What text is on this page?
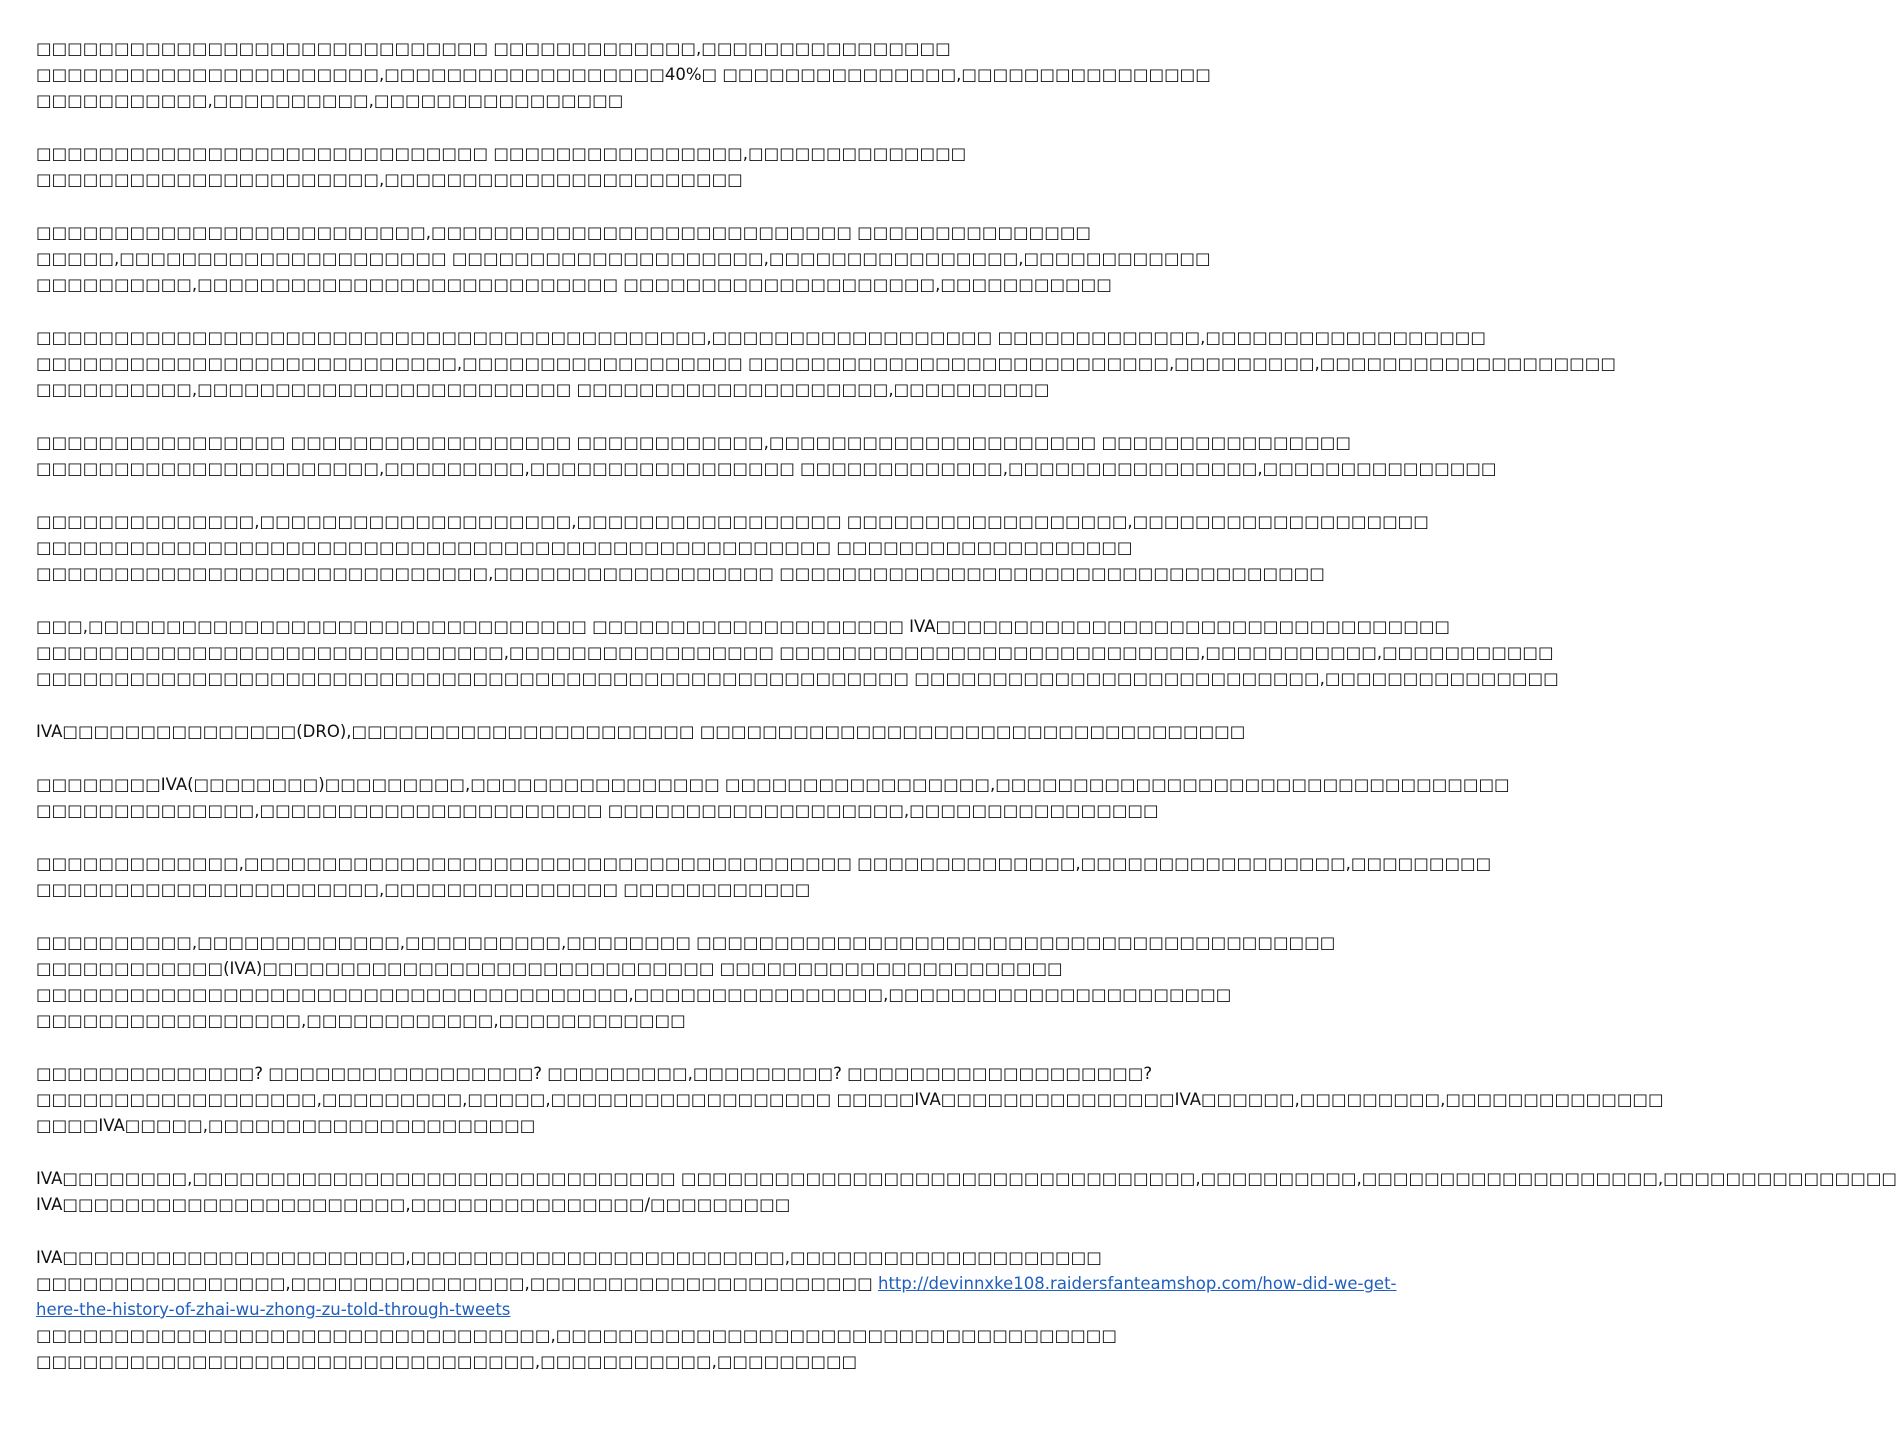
□□□□□□□□□□□□□□□□□□□□□□□□□□□□□ □□□□□□□□□□□□□,□□□□□□□□□□□□□□□□
□□□□□□□□□□□□□□□□□□□□□□,□□□□□□□□□□□□□□□□□□40%□ □□□□□□□□□□□□□□□,□□□□□□□□□□□□□□□□
□□□□□□□□□□□,□□□□□□□□□□,□□□□□□□□□□□□□□□□
□□□□□□□□□□□□□□□□□□□□□□□□□□□□□ □□□□□□□□□□□□□□□□,□□□□□□□□□□□□□□
□□□□□□□□□□□□□□□□□□□□□□,□□□□□□□□□□□□□□□□□□□□□□□
□□□□□□□□□□□□□□□□□□□□□□□□□,□□□□□□□□□□□□□□□□□□□□□□□□□□□ □□□□□□□□□□□□□□□
□□□□□,□□□□□□□□□□□□□□□□□□□□□ □□□□□□□□□□□□□□□□□□□□,□□□□□□□□□□□□□□□□,□□□□□□□□□□□□
□□□□□□□□□□,□□□□□□□□□□□□□□□□□□□□□□□□□□□ □□□□□□□□□□□□□□□□□□□□,□□□□□□□□□□□
□□□□□□□□□□□□□□□□□□□□□□□□□□□□□□□□□□□□□□□□□□□,□□□□□□□□□□□□□□□□□□ □□□□□□□□□□□□□,□□□□□□□□□□□□□□□□□□
□□□□□□□□□□□□□□□□□□□□□□□□□□□,□□□□□□□□□□□□□□□□□□ □□□□□□□□□□□□□□□□□□□□□□□□□□□,□□□□□□□□□,□□□□□□□□□□□□□□□□□□□
□□□□□□□□□□,□□□□□□□□□□□□□□□□□□□□□□□□ □□□□□□□□□□□□□□□□□□□□,□□□□□□□□□□
□□□□□□□□□□□□□□□□ □□□□□□□□□□□□□□□□□□ □□□□□□□□□□□□,□□□□□□□□□□□□□□□□□□□□□ □□□□□□□□□□□□□□□□
□□□□□□□□□□□□□□□□□□□□□□,□□□□□□□□□,□□□□□□□□□□□□□□□□□ □□□□□□□□□□□□□,□□□□□□□□□□□□□□□□,□□□□□□□□□□□□□□□
□□□□□□□□□□□□□□,□□□□□□□□□□□□□□□□□□□□,□□□□□□□□□□□□□□□□□ □□□□□□□□□□□□□□□□□□,□□□□□□□□□□□□□□□□□□□
□□□□□□□□□□□□□□□□□□□□□□□□□□□□□□□□□□□□□□□□□□□□□□□□□□□ □□□□□□□□□□□□□□□□□□□
□□□□□□□□□□□□□□□□□□□□□□□□□□□□□,□□□□□□□□□□□□□□□□□□ □□□□□□□□□□□□□□□□□□□□□□□□□□□□□□□□□□□
□□□,□□□□□□□□□□□□□□□□□□□□□□□□□□□□□□□□ □□□□□□□□□□□□□□□□□□□□ IVA□□□□□□□□□□□□□□□□□□□□□□□□□□□□□□□□□
□□□□□□□□□□□□□□□□□□□□□□□□□□□□□□,□□□□□□□□□□□□□□□□□ □□□□□□□□□□□□□□□□□□□□□□□□□□□,□□□□□□□□□□□,□□□□□□□□□□□
□□□□□□□□□□□□□□□□□□□□□□□□□□□□□□□□□□□□□□□□□□□□□□□□□□□□□□□□ □□□□□□□□□□□□□□□□□□□□□□□□□□,□□□□□□□□□□□□□□□
IVA□□□□□□□□□□□□□□□(DRO),□□□□□□□□□□□□□□□□□□□□□□ □□□□□□□□□□□□□□□□□□□□□□□□□□□□□□□□□□□
□□□□□□□□IVA(□□□□□□□□)□□□□□□□□□,□□□□□□□□□□□□□□□□ □□□□□□□□□□□□□□□□□,□□□□□□□□□□□□□□□□□□□□□□□□□□□□□□□□□
□□□□□□□□□□□□□□,□□□□□□□□□□□□□□□□□□□□□□ □□□□□□□□□□□□□□□□□□□,□□□□□□□□□□□□□□□□
□□□□□□□□□□□□□,□□□□□□□□□□□□□□□□□□□□□□□□□□□□□□□□□□□□□□□ □□□□□□□□□□□□□□,□□□□□□□□□□□□□□□□□,□□□□□□□□□
□□□□□□□□□□□□□□□□□□□□□□,□□□□□□□□□□□□□□□ □□□□□□□□□□□□
□□□□□□□□□□,□□□□□□□□□□□□□,□□□□□□□□□□,□□□□□□□□ □□□□□□□□□□□□□□□□□□□□□□□□□□□□□□□□□□□□□□□□□
□□□□□□□□□□□□(IVA)□□□□□□□□□□□□□□□□□□□□□□□□□□□□□ □□□□□□□□□□□□□□□□□□□□□□
□□□□□□□□□□□□□□□□□□□□□□□□□□□□□□□□□□□□□□,□□□□□□□□□□□□□□□□,□□□□□□□□□□□□□□□□□□□□□□
□□□□□□□□□□□□□□□□□,□□□□□□□□□□□□,□□□□□□□□□□□□
□□□□□□□□□□□□□□? □□□□□□□□□□□□□□□□□? □□□□□□□□□,□□□□□□□□□? □□□□□□□□□□□□□□□□□□□?
□□□□□□□□□□□□□□□□□□,□□□□□□□□□,□□□□□,□□□□□□□□□□□□□□□□□□ □□□□□IVA□□□□□□□□□□□□□□□IVA□□□□□□,□□□□□□□□□,□□□□□□□□□□□□□□
□□□□IVA□□□□□,□□□□□□□□□□□□□□□□□□□□□
IVA□□□□□□□□,□□□□□□□□□□□□□□□□□□□□□□□□□□□□□□□ □□□□□□□□□□□□□□□□□□□□□□□□□□□□□□□□□,□□□□□□□□□□,□□□□□□□□□□□□□□□□□□□,□□□□□□□□□□□□□□□
IVA□□□□□□□□□□□□□□□□□□□□□□,□□□□□□□□□□□□□□□/□□□□□□□□□
IVA□□□□□□□□□□□□□□□□□□□□□□,□□□□□□□□□□□□□□□□□□□□□□□□,□□□□□□□□□□□□□□□□□□□□
□□□□□□□□□□□□□□□□,□□□□□□□□□□□□□□□,□□□□□□□□□□□□□□□□□□□□□□ http://devinnxke108.raidersfanteamshop.com/how-did-we-get-
here-the-history-of-zhai-wu-zhong-zu-told-through-tweets
□□□□□□□□□□□□□□□□□□□□□□□□□□□□□□□□□,□□□□□□□□□□□□□□□□□□□□□□□□□□□□□□□□□□□□
□□□□□□□□□□□□□□□□□□□□□□□□□□□□□□□□,□□□□□□□□□□□,□□□□□□□□□
